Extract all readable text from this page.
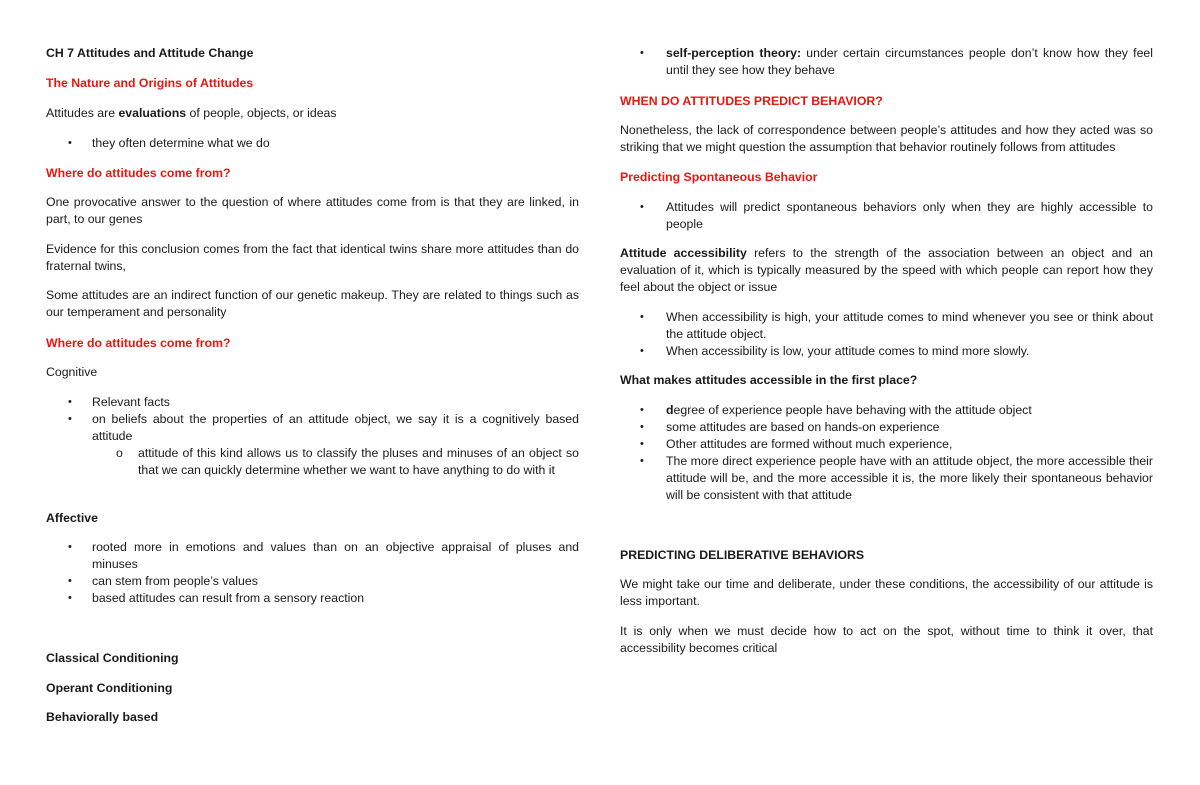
CH 7 Attitudes and Attitude Change
The Nature and Origins of Attitudes
Attitudes are evaluations of people, objects, or ideas
• they often determine what we do
Where do attitudes come from?
One provocative answer to the question of where attitudes come from is that they are linked, in part, to our genes
Evidence for this conclusion comes from the fact that identical twins share more attitudes than do fraternal twins,
Some attitudes are an indirect function of our genetic makeup. They are related to things such as our temperament and personality
Where do attitudes come from?
Cognitive
• Relevant facts
• on beliefs about the properties of an attitude object, we say it is a cognitively based attitude
o attitude of this kind allows us to classify the pluses and minuses of an object so that we can quickly determine whether we want to have anything to do with it
Affective
• rooted more in emotions and values than on an objective appraisal of pluses and minuses
• can stem from people’s values
• based attitudes can result from a sensory reaction
Classical Conditioning
Operant Conditioning
Behaviorally based
• self-perception theory: under certain circumstances people don’t know how they feel until they see how they behave
WHEN DO ATTITUDES PREDICT BEHAVIOR?
Nonetheless, the lack of correspondence between people’s attitudes and how they acted was so striking that we might question the assumption that behavior routinely follows from attitudes
Predicting Spontaneous Behavior
• Attitudes will predict spontaneous behaviors only when they are highly accessible to people
Attitude accessibility refers to the strength of the association between an object and an evaluation of it, which is typically measured by the speed with which people can report how they feel about the object or issue
• When accessibility is high, your attitude comes to mind whenever you see or think about the attitude object.
• When accessibility is low, your attitude comes to mind more slowly.
What makes attitudes accessible in the first place?
• degree of experience people have behaving with the attitude object
• some attitudes are based on hands-on experience
• Other attitudes are formed without much experience,
• The more direct experience people have with an attitude object, the more accessible their attitude will be, and the more accessible it is, the more likely their spontaneous behavior will be consistent with that attitude
PREDICTING DELIBERATIVE BEHAVIORS
We might take our time and deliberate, under these conditions, the accessibility of our attitude is less important.
It is only when we must decide how to act on the spot, without time to think it over, that accessibility becomes critical
